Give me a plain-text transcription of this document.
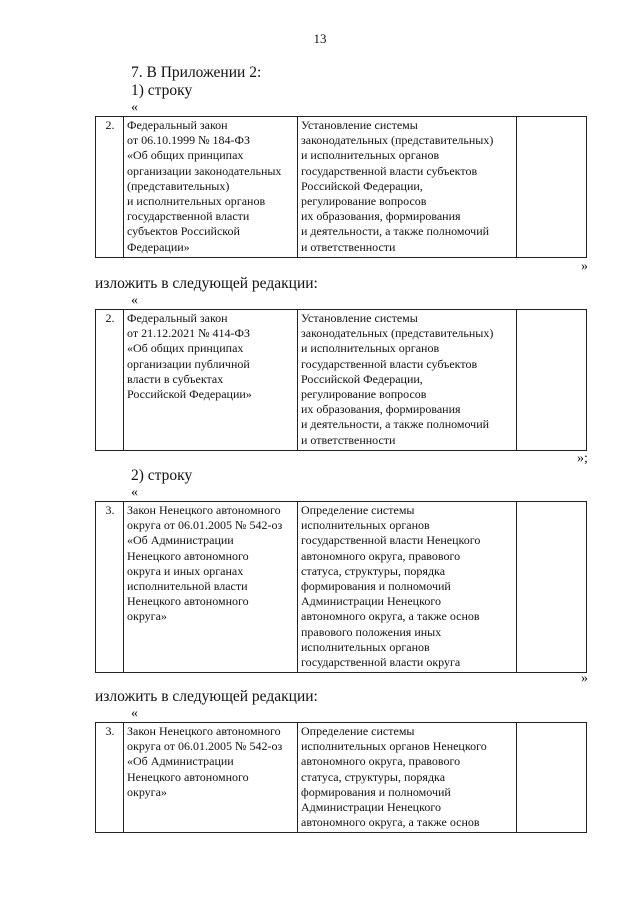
13
7. В Приложении 2:
1) строку
«
2.	Федеральный закон
от 06.10.1999 № 184-ФЗ
«Об общих принципах
организации законодательных
(представительных)
и исполнительных органов
государственной власти
субъектов Российской
Федерации»

Установление системы
законодательных (представительных)
и исполнительных органов
государственной власти субъектов
Российской Федерации,
регулирование вопросов
их образования, формирования
и деятельности, а также полномочий
и ответственности

»
изложить в следующей редакции:
«
2.	Федеральный закон
от 21.12.2021 № 414-ФЗ
«Об общих принципах
организации публичной
власти в субъектах
Российской Федерации»

Установление системы
законодательных (представительных)
и исполнительных органов
государственной власти субъектов
Российской Федерации,
регулирование вопросов
их образования, формирования
и деятельности, а также полномочий
и ответственности

»;
2) строку
«
3.	Закон Ненецкого автономного
округа от 06.01.2005 № 542-оз
«Об Администрации
Ненецкого автономного
округа и иных органах
исполнительной власти
Ненецкого автономного
округа»

Определение системы
исполнительных органов
государственной власти Ненецкого
автономного округа, правового
статуса, структуры, порядка
формирования и полномочий
Администрации Ненецкого
автономного округа, а также основ
правового положения иных
исполнительных органов
государственной власти округа

»
изложить в следующей редакции:
«
3.	Закон Ненецкого автономного
округа от 06.01.2005 № 542-оз
«Об Администрации
Ненецкого автономного
округа»

Определение системы
исполнительных органов Ненецкого
автономного округа, правового
статуса, структуры, порядка
формирования и полномочий
Администрации Ненецкого
автономного округа, а также основ
